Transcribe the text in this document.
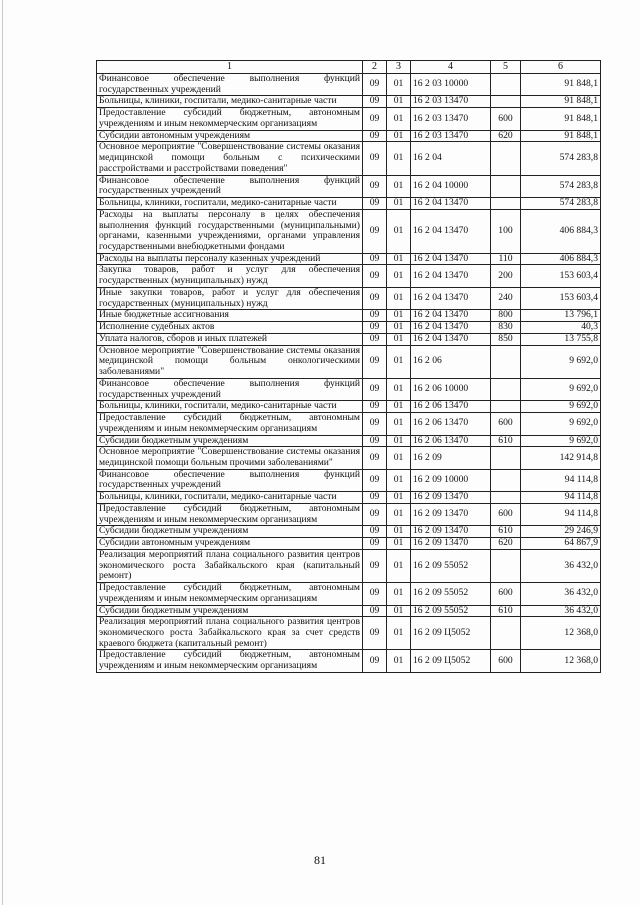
1	2	3	4	5	6
Финансовое обеспечение выполнения функций государственных учреждений	09	01	16 2 03 10000		91 848,1
Больницы, клиники, госпитали, медико-санитарные части	09	01	16 2 03 13470		91 848,1
Предоставление субсидий бюджетным, автономным учреждениям и иным некоммерческим организациям	09	01	16 2 03 13470	600	91 848,1
Субсидии автономным учреждениям	09	01	16 2 03 13470	620	91 848,1
Основное мероприятие "Совершенствование системы оказания медицинской помощи больным с психическими расстройствами и расстройствами поведения"	09	01	16 2 04		574 283,8
Финансовое обеспечение выполнения функций государственных учреждений	09	01	16 2 04 10000		574 283,8
Больницы, клиники, госпитали, медико-санитарные части	09	01	16 2 04 13470		574 283,8
Расходы на выплаты персоналу в целях обеспечения выполнения функций государственными (муниципальными) органами, казенными учреждениями, органами управления государственными внебюджетными фондами	09	01	16 2 04 13470	100	406 884,3
Расходы на выплаты персоналу казенных учреждений	09	01	16 2 04 13470	110	406 884,3
Закупка товаров, работ и услуг для обеспечения государственных (муниципальных) нужд	09	01	16 2 04 13470	200	153 603,4
Иные закупки товаров, работ и услуг для обеспечения государственных (муниципальных) нужд	09	01	16 2 04 13470	240	153 603,4
Иные бюджетные ассигнования	09	01	16 2 04 13470	800	13 796,1
Исполнение судебных актов	09	01	16 2 04 13470	830	40,3
Уплата налогов, сборов и иных платежей	09	01	16 2 04 13470	850	13 755,8
Основное мероприятие "Совершенствование системы оказания медицинской помощи больным онкологическими заболеваниями"	09	01	16 2 06		9 692,0
Финансовое обеспечение выполнения функций государственных учреждений	09	01	16 2 06 10000		9 692,0
Больницы, клиники, госпитали, медико-санитарные части	09	01	16 2 06 13470		9 692,0
Предоставление субсидий бюджетным, автономным учреждениям и иным некоммерческим организациям	09	01	16 2 06 13470	600	9 692,0
Субсидии бюджетным учреждениям	09	01	16 2 06 13470	610	9 692,0
Основное мероприятие "Совершенствование системы оказания медицинской помощи больным прочими заболеваниями"	09	01	16 2 09		142 914,8
Финансовое обеспечение выполнения функций государственных учреждений	09	01	16 2 09 10000		94 114,8
Больницы, клиники, госпитали, медико-санитарные части	09	01	16 2 09 13470		94 114,8
Предоставление субсидий бюджетным, автономным учреждениям и иным некоммерческим организациям	09	01	16 2 09 13470	600	94 114,8
Субсидии бюджетным учреждениям	09	01	16 2 09 13470	610	29 246,9
Субсидии автономным учреждениям	09	01	16 2 09 13470	620	64 867,9
Реализация мероприятий плана социального развития центров экономического роста Забайкальского края (капитальный ремонт)	09	01	16 2 09 55052		36 432,0
Предоставление субсидий бюджетным, автономным учреждениям и иным некоммерческим организациям	09	01	16 2 09 55052	600	36 432,0
Субсидии бюджетным учреждениям	09	01	16 2 09 55052	610	36 432,0
Реализация мероприятий плана социального развития центров экономического роста Забайкальского края за счет средств краевого бюджета (капитальный ремонт)	09	01	16 2 09 Ц5052		12 368,0
Предоставление субсидий бюджетным, автономным учреждениям и иным некоммерческим организациям	09	01	16 2 09 Ц5052	600	12 368,0
81
